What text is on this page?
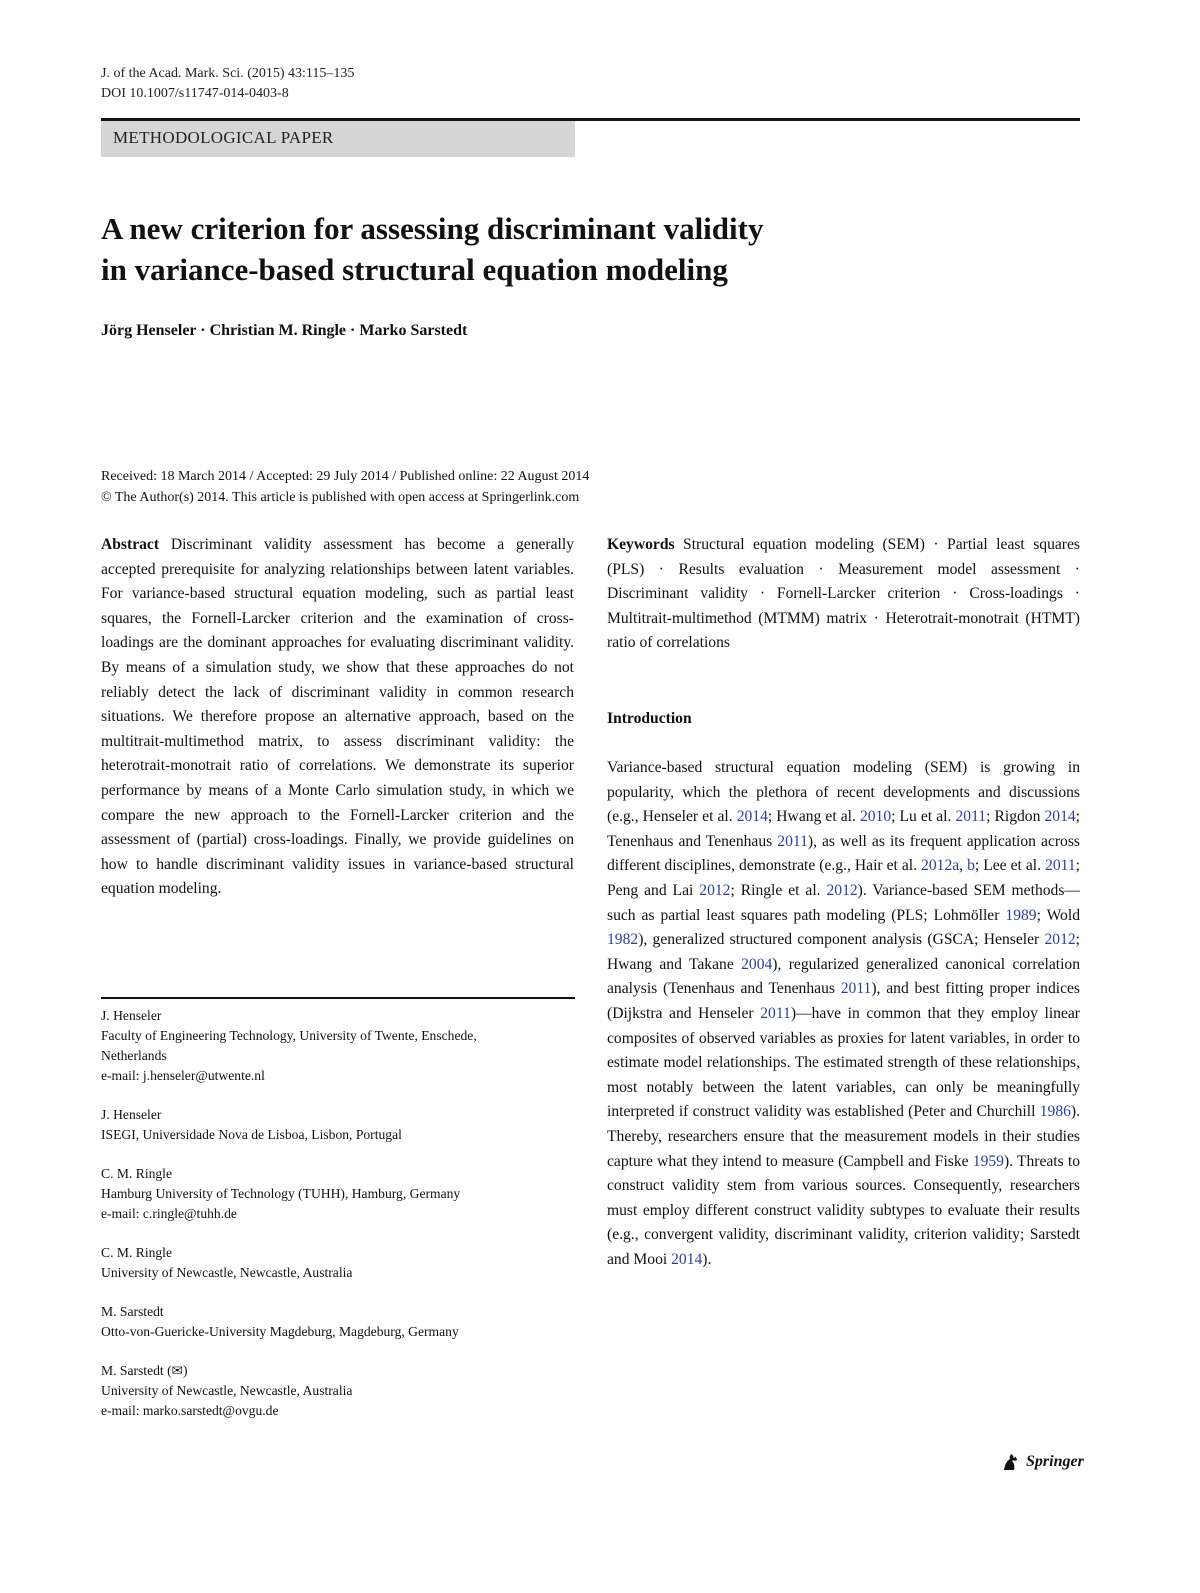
J. of the Acad. Mark. Sci. (2015) 43:115–135
DOI 10.1007/s11747-014-0403-8
METHODOLOGICAL PAPER
A new criterion for assessing discriminant validity
in variance-based structural equation modeling
Jörg Henseler · Christian M. Ringle · Marko Sarstedt
Received: 18 March 2014 / Accepted: 29 July 2014 / Published online: 22 August 2014
© The Author(s) 2014. This article is published with open access at Springerlink.com
Abstract Discriminant validity assessment has become a generally accepted prerequisite for analyzing relationships between latent variables. For variance-based structural equation modeling, such as partial least squares, the Fornell-Larcker criterion and the examination of cross-loadings are the dominant approaches for evaluating discriminant validity. By means of a simulation study, we show that these approaches do not reliably detect the lack of discriminant validity in common research situations. We therefore propose an alternative approach, based on the multitrait-multimethod matrix, to assess discriminant validity: the heterotrait-monotrait ratio of correlations. We demonstrate its superior performance by means of a Monte Carlo simulation study, in which we compare the new approach to the Fornell-Larcker criterion and the assessment of (partial) cross-loadings. Finally, we provide guidelines on how to handle discriminant validity issues in variance-based structural equation modeling.
Keywords Structural equation modeling (SEM) · Partial least squares (PLS) · Results evaluation · Measurement model assessment · Discriminant validity · Fornell-Larcker criterion · Cross-loadings · Multitrait-multimethod (MTMM) matrix · Heterotrait-monotrait (HTMT) ratio of correlations
J. Henseler
Faculty of Engineering Technology, University of Twente, Enschede,
Netherlands
e-mail: j.henseler@utwente.nl
J. Henseler
ISEGI, Universidade Nova de Lisboa, Lisbon, Portugal
C. M. Ringle
Hamburg University of Technology (TUHH), Hamburg, Germany
e-mail: c.ringle@tuhh.de
C. M. Ringle
University of Newcastle, Newcastle, Australia
M. Sarstedt
Otto-von-Guericke-University Magdeburg, Magdeburg, Germany
M. Sarstedt (✉)
University of Newcastle, Newcastle, Australia
e-mail: marko.sarstedt@ovgu.de
Introduction
Variance-based structural equation modeling (SEM) is growing in popularity, which the plethora of recent developments and discussions (e.g., Henseler et al. 2014; Hwang et al. 2010; Lu et al. 2011; Rigdon 2014; Tenenhaus and Tenenhaus 2011), as well as its frequent application across different disciplines, demonstrate (e.g., Hair et al. 2012a, b; Lee et al. 2011; Peng and Lai 2012; Ringle et al. 2012). Variance-based SEM methods—such as partial least squares path modeling (PLS; Lohmöller 1989; Wold 1982), generalized structured component analysis (GSCA; Henseler 2012; Hwang and Takane 2004), regularized generalized canonical correlation analysis (Tenenhaus and Tenenhaus 2011), and best fitting proper indices (Dijkstra and Henseler 2011)—have in common that they employ linear composites of observed variables as proxies for latent variables, in order to estimate model relationships. The estimated strength of these relationships, most notably between the latent variables, can only be meaningfully interpreted if construct validity was established (Peter and Churchill 1986). Thereby, researchers ensure that the measurement models in their studies capture what they intend to measure (Campbell and Fiske 1959). Threats to construct validity stem from various sources. Consequently, researchers must employ different construct validity subtypes to evaluate their results (e.g., convergent validity, discriminant validity, criterion validity; Sarstedt and Mooi 2014).
Springer
